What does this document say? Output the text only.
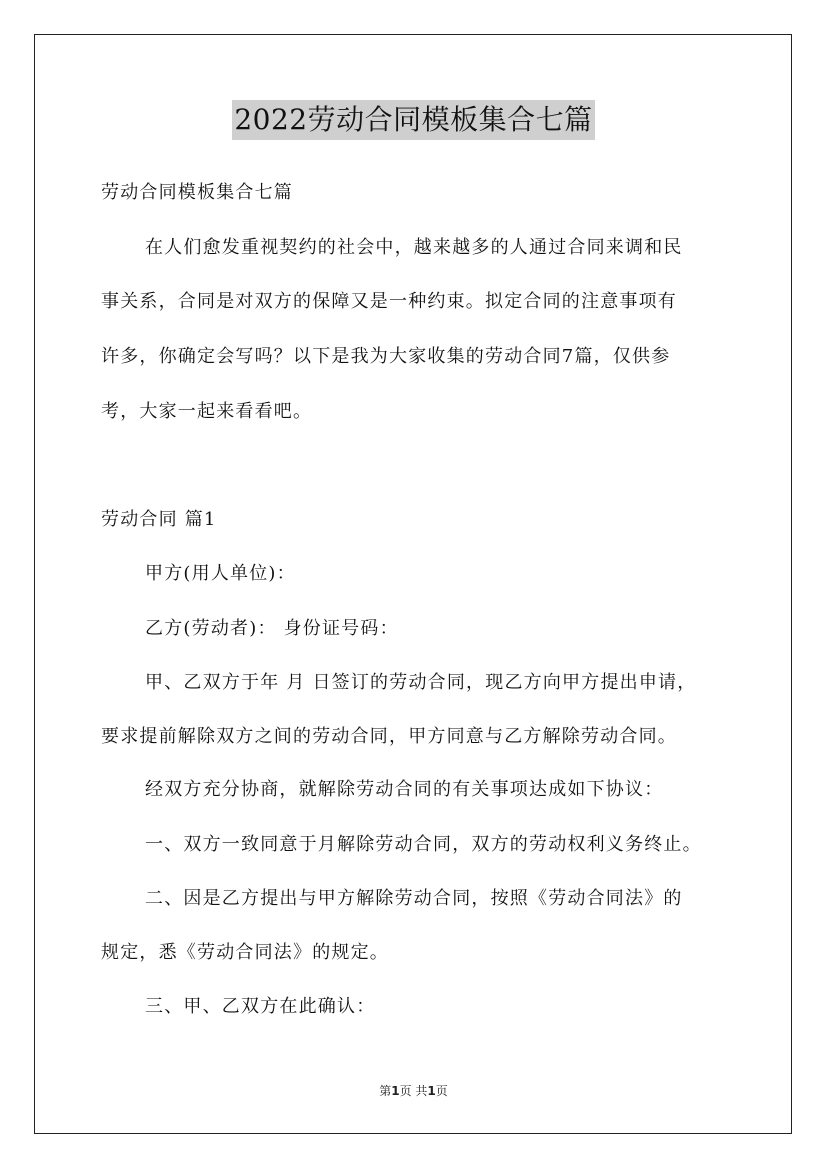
2022劳动合同模板集合七篇
劳动合同模板集合七篇
在人们愈发重视契约的社会中，越来越多的人通过合同来调和民
事关系，合同是对双方的保障又是一种约束。拟定合同的注意事项有
许多，你确定会写吗？以下是我为大家收集的劳动合同7篇，仅供参
考，大家一起来看看吧。
劳动合同 篇1
甲方(用人单位)：
乙方(劳动者)： 身份证号码：
甲、乙双方于年 月 日签订的劳动合同，现乙方向甲方提出申请，
要求提前解除双方之间的劳动合同，甲方同意与乙方解除劳动合同。
经双方充分协商，就解除劳动合同的有关事项达成如下协议：
一、双方一致同意于月解除劳动合同，双方的劳动权利义务终止。
二、因是乙方提出与甲方解除劳动合同，按照《劳动合同法》的
规定，悉《劳动合同法》的规定。
三、甲、乙双方在此确认：
第1页 共1页
